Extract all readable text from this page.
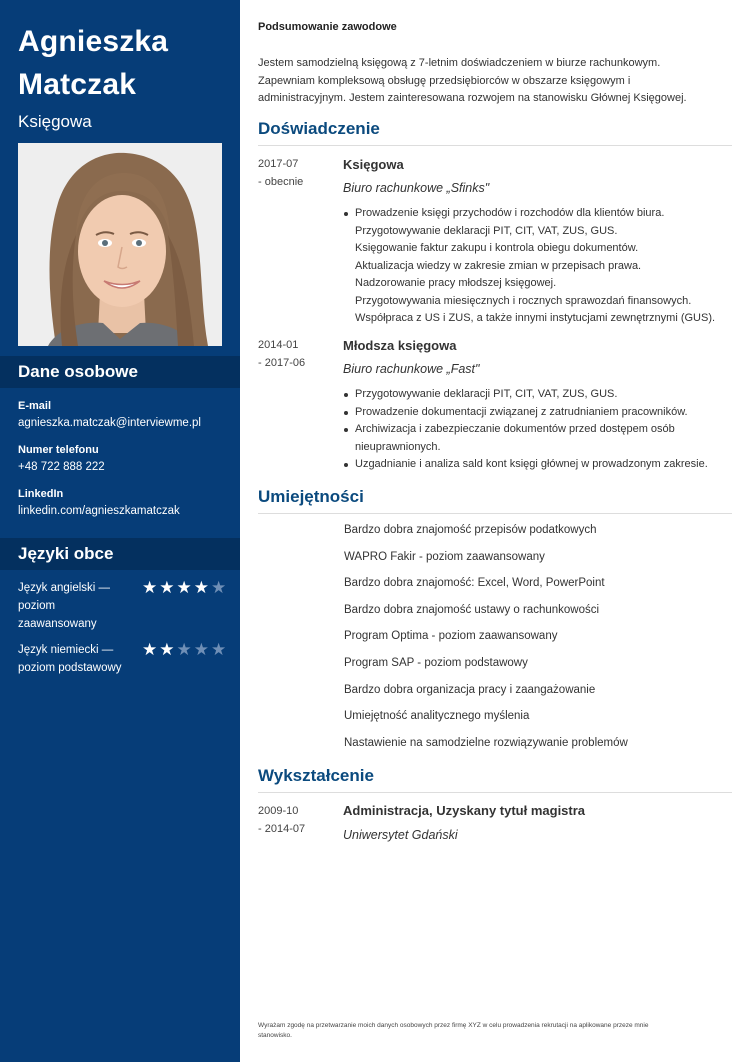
Agnieszka
Matczak
Księgowa
Dane osobowe
E-mail
agnieszka.matczak@interviewme.pl
Numer telefonu
+48 722 888 222
LinkedIn
linkedin.com/agnieszkamatczak
Języki obce
Język angielski —
poziom
zaawansowany
★ ★ ★ ★ ★
Język niemiecki —
poziom podstawowy
★ ★ ★ ★ ★
Podsumowanie zawodowe
Jestem samodzielną księgową z 7-letnim doświadczeniem w biurze rachunkowym.
Zapewniam kompleksową obsługę przedsiębiorców w obszarze księgowym i
administracyjnym. Jestem zainteresowana rozwojem na stanowisku Głównej Księgowej.
Doświadczenie
2017-07
- obecnie
Księgowa
Biuro rachunkowe „Sfinks"
Prowadzenie księgi przychodów i rozchodów dla klientów biura.
Przygotowywanie deklaracji PIT, CIT, VAT, ZUS, GUS.
Księgowanie faktur zakupu i kontrola obiegu dokumentów.
Aktualizacja wiedzy w zakresie zmian w przepisach prawa.
Nadzorowanie pracy młodszej księgowej.
Przygotowywania miesięcznych i rocznych sprawozdań finansowych.
Współpraca z US i ZUS, a także innymi instytucjami zewnętrznymi (GUS).
2014-01
- 2017-06
Młodsza księgowa
Biuro rachunkowe „Fast"
Przygotowywanie deklaracji PIT, CIT, VAT, ZUS, GUS.
Prowadzenie dokumentacji związanej z zatrudnianiem pracowników.
Archiwizacja i zabezpieczanie dokumentów przed dostępem osób
nieuprawnionych.
Uzgadnianie i analiza sald kont księgi głównej w prowadzonym zakresie.
Umiejętności
Bardzo dobra znajomość przepisów podatkowych
WAPRO Fakir - poziom zaawansowany
Bardzo dobra znajomość: Excel, Word, PowerPoint
Bardzo dobra znajomość ustawy o rachunkowości
Program Optima - poziom zaawansowany
Program SAP - poziom podstawowy
Bardzo dobra organizacja pracy i zaangażowanie
Umiejętność analitycznego myślenia
Nastawienie na samodzielne rozwiązywanie problemów
Wykształcenie
2009-10
- 2014-07
Administracja, Uzyskany tytuł magistra
Uniwersytet Gdański
Wyrażam zgodę na przetwarzanie moich danych osobowych przez firmę XYZ w celu prowadzenia rekrutacji na aplikowane przeze mnie
stanowisko.
